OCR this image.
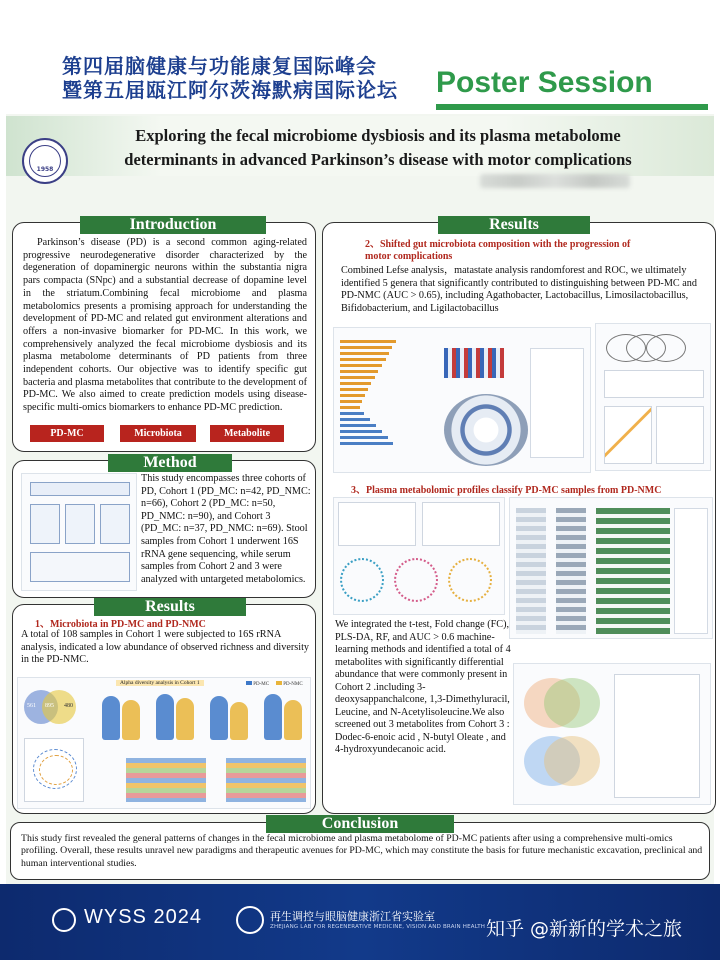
第四届脑健康与功能康复国际峰会
暨第五届瓯江阿尔茨海默病国际论坛 Poster Session
1958
Exploring the fecal microbiome dysbiosis and its plasma metabolome
determinants in advanced Parkinson’s disease with motor complications
Parkinson’s disease (PD) is a second common aging-related progressive neurodegenerative disorder characterized by the degeneration of dopaminergic neurons within the substantia nigra pars compacta (SNpc) and a substantial decrease of dopamine level in the striatum.Combining fecal microbiome and plasma metabolomics presents a promising approach for understanding the development of PD-MC and related gut environment alterations and offers a non-invasive biomarker for PD-MC. In this work, we comprehensively analyzed the fecal microbiome dysbiosis and its plasma metabolome determinants of PD patients from three independent cohorts. Our objective was to identify specific gut bacteria and plasma metabolites that contribute to the development of PD-MC. We also aimed to create prediction models using disease-specific multi-omics biomarkers to enhance PD-MC prediction.
Introduction
PD-MC	Microbiota	Metabolite
This study encompasses three cohorts of PD, Cohort 1 (PD_MC: n=42, PD_NMC: n=66), Cohort 2 (PD_MC: n=50, PD_NMC: n=90), and Cohort 3 (PD_MC: n=37, PD_NMC: n=69). Stool samples from Cohort 1 underwent 16S rRNA gene sequencing, while serum samples from Cohort 2 and 3 were analyzed with untargeted metabolomics.
Method
1、Microbiota in PD-MC and PD-NMC
A total of 108 samples in Cohort 1 were subjected to 16S rRNA analysis, indicated a low abundance of observed richness and diversity in the PD-NMC.
561 895 480
Alpha diversity analysis in Cohort 1	PD-MC	PD-NMC
Results
2、Shifted gut microbiota composition with the progression of
motor complications
Combined Lefse analysis，matastate analysis randomforest and ROC, we ultimately identified 5 genera that significantly contributed to distinguishing between PD-MC and PD-NMC (AUC > 0.65), including Agathobacter, Lactobacillus, Limosilactobacillus, Bifidobacterium, and Ligilactobacillus
3、Plasma metabolomic profiles classify PD-MC samples from PD-NMC
We integrated the t-test, Fold change (FC), PLS-DA, RF, and AUC > 0.6 machine-learning methods and identified a total of 4 metabolites with significantly differential abundance that were commonly present in Cohort 2 .including 3-deoxysappanchalcone, 1,3-Dimethyluracil, Leucine, and N-Acetylisoleucine.We also screened out 3 metabolites from Cohort 3 : Dodec-6-enoic acid , N-butyl Oleate , and 4-hydroxyundecanoic acid.
Results
This study first revealed the general patterns of changes in the fecal microbiome and plasma metabolome of PD-MC patients after using a comprehensive multi-omics profiling. Overall, these results unravel new paradigms and therapeutic avenues for PD-MC, which may constitute the basis for future mechanistic excavation, preclinical and human interventional studies.
Conclusion
WYSS 2024	再生调控与眼脑健康浙江省实验室
ZHEJIANG LAB FOR REGENERATIVE MEDICINE, VISION AND BRAIN HEALTH 知乎 @新新的学术之旅
